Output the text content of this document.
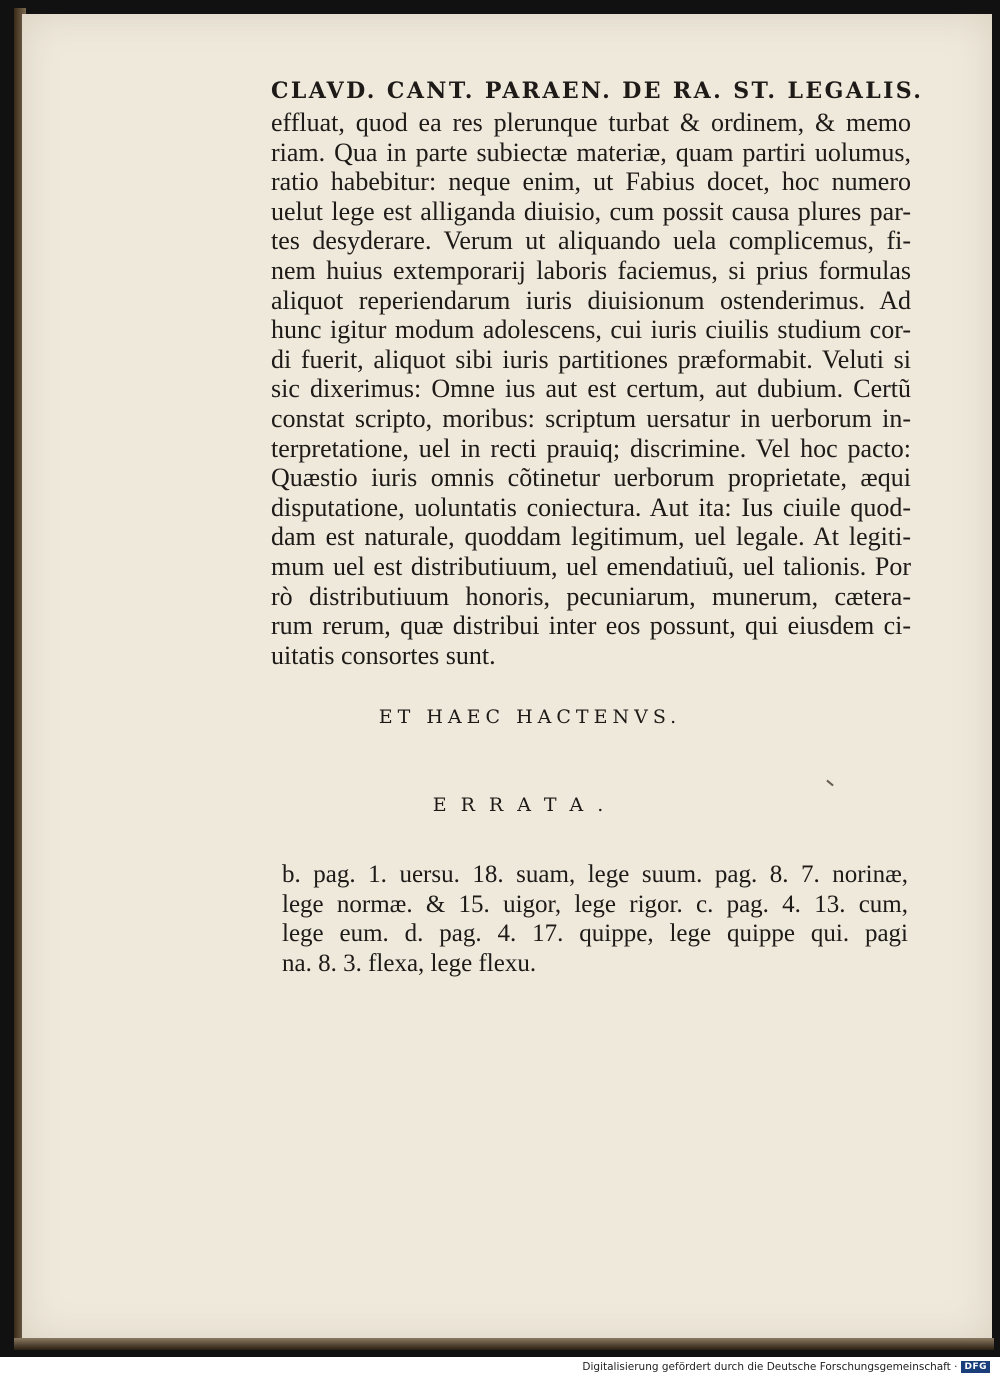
CLAVD. CANT. PARAEN. DE RA. ST. LEGALIS.
effluat, quod ea res plerunque turbat & ordinem, & memo
riam. Qua in parte subiectæ materiæ, quam partiri uolumus,
ratio habebitur: neque enim, ut Fabius docet, hoc numero
uelut lege est alliganda diuisio, cum possit causa plures par-
tes desyderare. Verum ut aliquando uela complicemus, fi-
nem huius extemporarij laboris faciemus, si prius formulas
aliquot reperiendarum iuris diuisionum ostenderimus. Ad
hunc igitur modum adolescens, cui iuris ciuilis studium cor-
di fuerit, aliquot sibi iuris partitiones præformabit. Veluti si
sic dixerimus: Omne ius aut est certum, aut dubium. Certũ
constat scripto, moribus: scriptum uersatur in uerborum in-
terpretatione, uel in recti prauiq; discrimine. Vel hoc pacto:
Quæstio iuris omnis cõtinetur uerborum proprietate, æqui
disputatione, uoluntatis coniectura. Aut ita: Ius ciuile quod-
dam est naturale, quoddam legitimum, uel legale. At legiti-
mum uel est distributiuum, uel emendatiuũ, uel talionis. Por
rò distributiuum honoris, pecuniarum, munerum, cætera-
rum rerum, quæ distribui inter eos possunt, qui eiusdem ci-
uitatis consortes sunt.
ET HAEC HACTENVS.
ERRATA.
b. pag. 1. uersu. 18. suam, lege suum. pag. 8. 7. norinæ,
lege normæ. & 15. uigor, lege rigor. c. pag. 4. 13. cum,
lege eum. d. pag. 4. 17. quippe, lege quippe qui. pagi
na. 8. 3. flexa, lege flexu.
Digitalisierung gefördert durch die Deutsche Forschungsgemeinschaft · DFG
